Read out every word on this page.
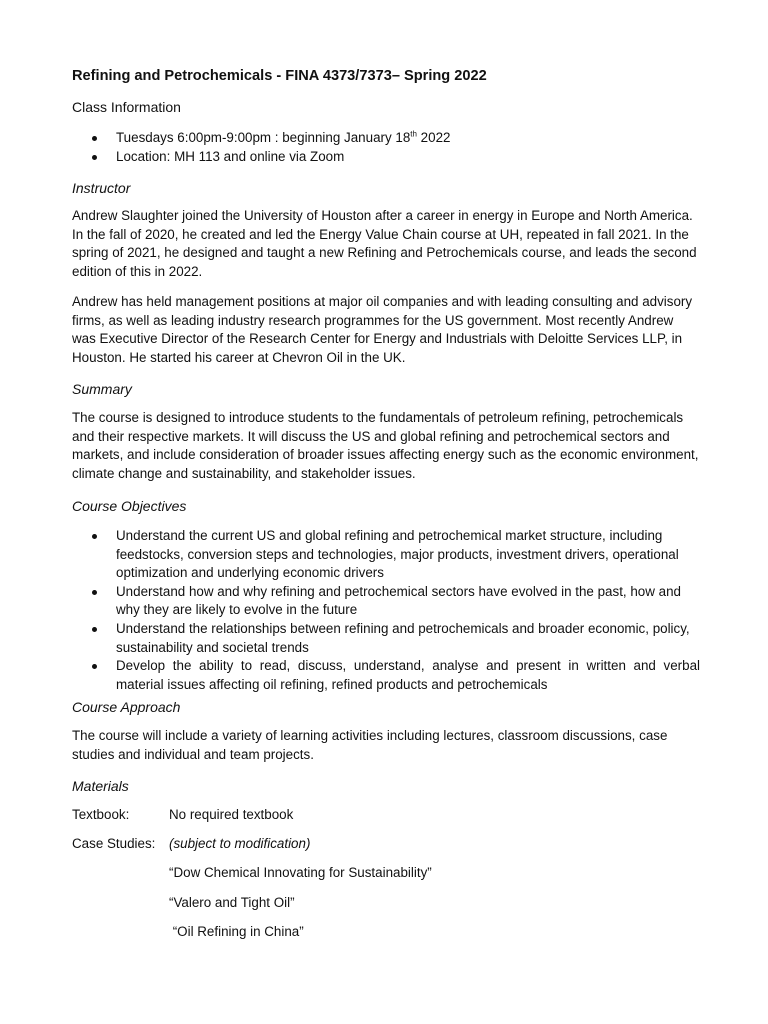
Refining and Petrochemicals - FINA 4373/7373– Spring 2022
Class Information
Tuesdays 6:00pm-9:00pm : beginning January 18th 2022
Location: MH 113 and online via Zoom
Instructor

Andrew Slaughter joined the University of Houston after a career in energy in Europe and North America. In the fall of 2020, he created and led the Energy Value Chain course at UH, repeated in fall 2021. In the spring of 2021, he designed and taught a new Refining and Petrochemicals course, and leads the second edition of this in 2022.

Andrew has held management positions at major oil companies and with leading consulting and advisory firms, as well as leading industry research programmes for the US government. Most recently Andrew was Executive Director of the Research Center for Energy and Industrials with Deloitte Services LLP, in Houston. He started his career at Chevron Oil in the UK.

Summary

The course is designed to introduce students to the fundamentals of petroleum refining, petrochemicals and their respective markets. It will discuss the US and global refining and petrochemical sectors and markets, and include consideration of broader issues affecting energy such as the economic environment, climate change and sustainability, and stakeholder issues.

Course Objectives
Understand the current US and global refining and petrochemical market structure, including feedstocks, conversion steps and technologies, major products, investment drivers, operational optimization and underlying economic drivers
Understand how and why refining and petrochemical sectors have evolved in the past, how and why they are likely to evolve in the future
Understand the relationships between refining and petrochemicals and broader economic, policy, sustainability and societal trends
Develop the ability to read, discuss, understand, analyse and present in written and verbal material issues affecting oil refining, refined products and petrochemicals
Course Approach

The course will include a variety of learning activities including lectures, classroom discussions, case studies and individual and team projects.

Materials
Textbook:	No required textbook
Case Studies: (subject to modification)
“Dow Chemical Innovating for Sustainability”
“Valero and Tight Oil”
“Oil Refining in China”
